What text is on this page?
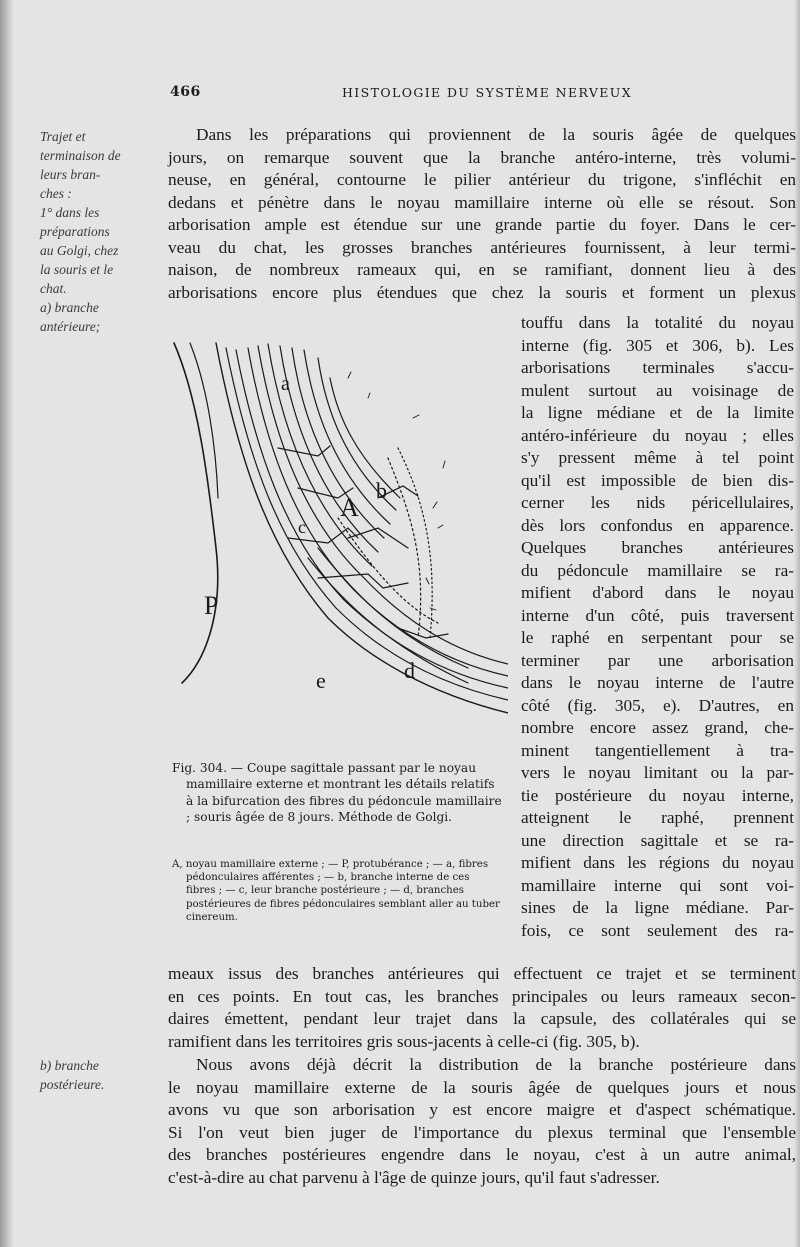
466	HISTOLOGIE DU SYSTÈME NERVEUX
Trajet et
terminaison de
leurs bran-
ches :
1° dans les
préparations
au Golgi, chez
la souris et le
chat.
a) branche
antérieure;
b) branche
postérieure.
Dans les préparations qui proviennent de la souris âgée de quelques
jours, on remarque souvent que la branche antéro-interne, très volumi-
neuse, en général, contourne le pilier antérieur du trigone, s'infléchit en
dedans et pénètre dans le noyau mamillaire interne où elle se résout. Son
arborisation ample est étendue sur une grande partie du foyer. Dans le cer-
veau du chat, les grosses branches antérieures fournissent, à leur termi-
naison, de nombreux rameaux qui, en se ramifiant, donnent lieu à des
arborisations encore plus étendues que chez la souris et forment un plexus
touffu dans la totalité du noyau
interne (fig. 305 et 306, b). Les
arborisations terminales s'accu-
mulent surtout au voisinage de
la ligne médiane et de la limite
antéro-inférieure du noyau ; elles
s'y pressent même à tel point
qu'il est impossible de bien dis-
cerner les nids péricellulaires,
dès lors confondus en apparence.
Quelques branches antérieures
du pédoncule mamillaire se ra-
mifient d'abord dans le noyau
interne d'un côté, puis traversent
le raphé en serpentant pour se
terminer par une arborisation
dans le noyau interne de l'autre
côté (fig. 305, e). D'autres, en
nombre encore assez grand, che-
minent tangentiellement à tra-
vers le noyau limitant ou la par-
tie postérieure du noyau interne,
atteignent le raphé, prennent
une direction sagittale et se ra-
mifient dans les régions du noyau
mamillaire interne qui sont voi-
sines de la ligne médiane. Par-
fois, ce sont seulement des ra-
meaux issus des branches antérieures qui effectuent ce trajet et se terminent
en ces points. En tout cas, les branches principales ou leurs rameaux secon-
daires émettent, pendant leur trajet dans la capsule, des collatérales qui se
ramifient dans les territoires gris sous-jacents à celle-ci (fig. 305, b).
Nous avons déjà décrit la distribution de la branche postérieure dans
le noyau mamillaire externe de la souris âgée de quelques jours et nous
avons vu que son arborisation y est encore maigre et d'aspect schématique.
Si l'on veut bien juger de l'importance du plexus terminal que l'ensemble
des branches postérieures engendre dans le noyau, c'est à un autre animal,
c'est-à-dire au chat parvenu à l'âge de quinze jours, qu'il faut s'adresser.
a
b
c
A
d
e
P
Fig. 304. — Coupe sagittale passant par le noyau mamillaire externe et montrant les détails relatifs à la bifurcation des fibres du pédoncule mamillaire ; souris âgée de 8 jours. Méthode de Golgi.

A, noyau mamillaire externe ; — P, protubérance ; — a, fibres pédonculaires afférentes ; — b, branche interne de ces fibres ; — c, leur branche postérieure ; — d, branches postérieures de fibres pédonculaires semblant aller au tuber cinereum.
